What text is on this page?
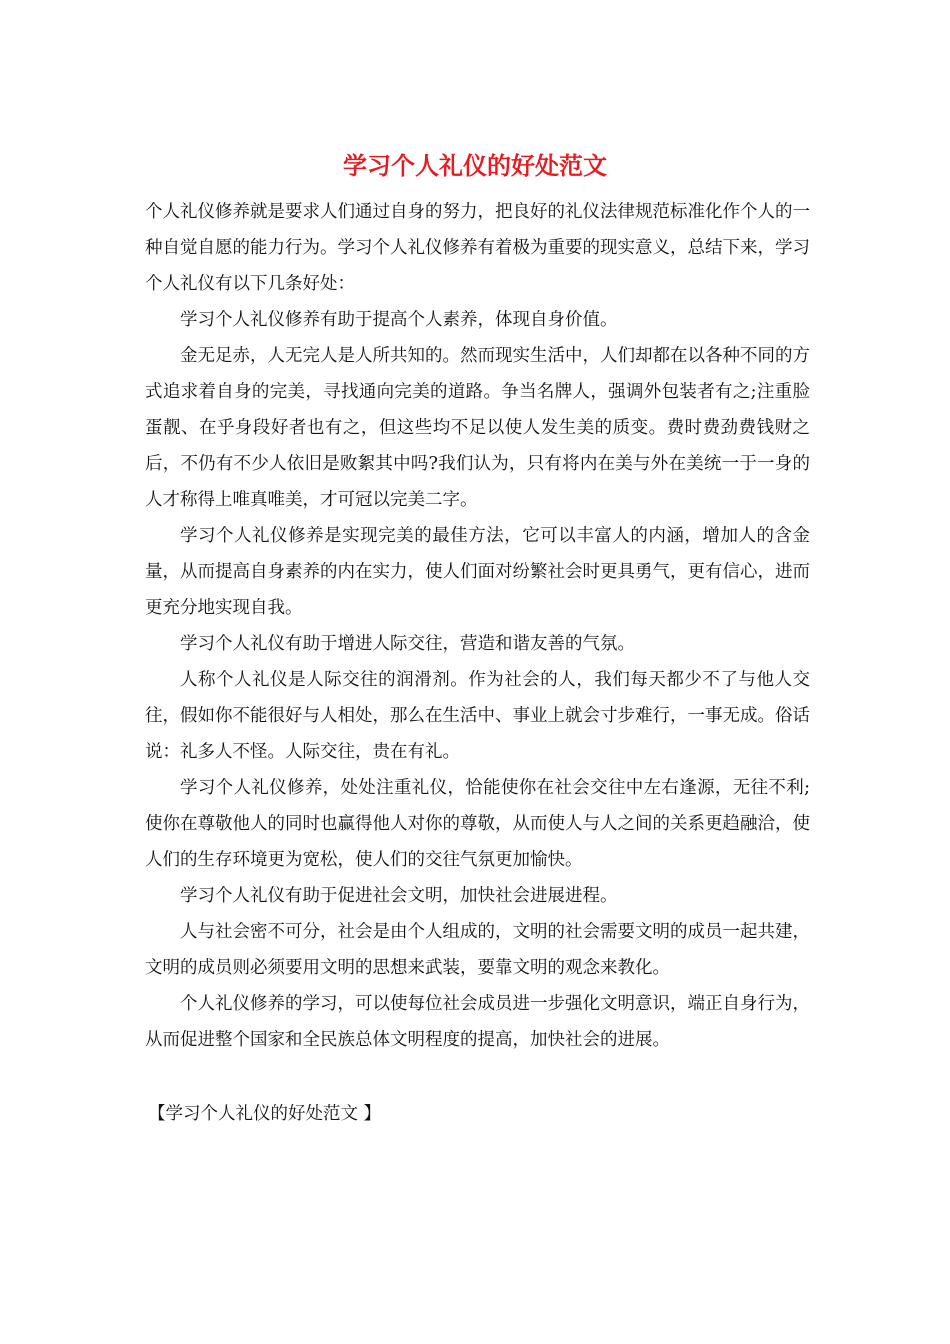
学习个人礼仪的好处范文

个人礼仪修养就是要求人们通过自身的努力，把良好的礼仪法律规范标准化作个人的一种自觉自愿的能力行为。学习个人礼仪修养有着极为重要的现实意义，总结下来，学习个人礼仪有以下几条好处：

学习个人礼仪修养有助于提高个人素养，体现自身价值。

金无足赤，人无完人是人所共知的。然而现实生活中，人们却都在以各种不同的方式追求着自身的完美，寻找通向完美的道路。争当名牌人，强调外包装者有之;注重脸蛋靓、在乎身段好者也有之，但这些均不足以使人发生美的质变。费时费劲费钱财之后，不仍有不少人依旧是败絮其中吗?我们认为，只有将内在美与外在美统一于一身的人才称得上唯真唯美，才可冠以完美二字。

学习个人礼仪修养是实现完美的最佳方法，它可以丰富人的内涵，增加人的含金量，从而提高自身素养的内在实力，使人们面对纷繁社会时更具勇气，更有信心，进而更充分地实现自我。

学习个人礼仪有助于增进人际交往，营造和谐友善的气氛。

人称个人礼仪是人际交往的润滑剂。作为社会的人，我们每天都少不了与他人交往，假如你不能很好与人相处，那么在生活中、事业上就会寸步难行，一事无成。俗话说：礼多人不怪。人际交往，贵在有礼。

学习个人礼仪修养，处处注重礼仪，恰能使你在社会交往中左右逢源，无往不利;使你在尊敬他人的同时也赢得他人对你的尊敬，从而使人与人之间的关系更趋融洽，使人们的生存环境更为宽松，使人们的交往气氛更加愉快。

学习个人礼仪有助于促进社会文明，加快社会进展进程。

人与社会密不可分，社会是由个人组成的，文明的社会需要文明的成员一起共建，文明的成员则必须要用文明的思想来武装，要靠文明的观念来教化。

个人礼仪修养的学习，可以使每位社会成员进一步强化文明意识，端正自身行为，从而促进整个国家和全民族总体文明程度的提高，加快社会的进展。

【学习个人礼仪的好处范文 】
